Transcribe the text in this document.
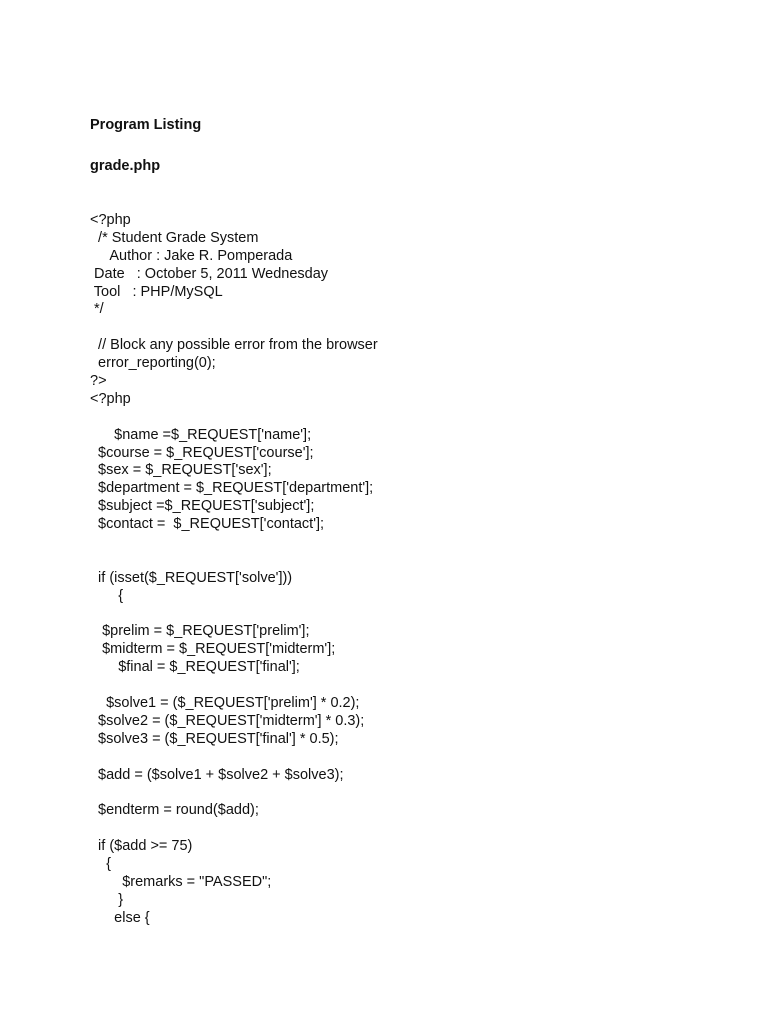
Program Listing
grade.php
<?php
/* Student Grade System
Author : Jake R. Pomperada
Date   : October 5, 2011 Wednesday
Tool   : PHP/MySQL
*/
// Block any possible error from the browser
error_reporting(0);
?>
<?php
$name =$_REQUEST['name'];
$course = $_REQUEST['course'];
$sex = $_REQUEST['sex'];
$department = $_REQUEST['department'];
$subject =$_REQUEST['subject'];
$contact =  $_REQUEST['contact'];
if (isset($_REQUEST['solve']))
{
$prelim = $_REQUEST['prelim'];
$midterm = $_REQUEST['midterm'];
$final = $_REQUEST['final'];
$solve1 = ($_REQUEST['prelim'] * 0.2);
$solve2 = ($_REQUEST['midterm'] * 0.3);
$solve3 = ($_REQUEST['final'] * 0.5);
$add = ($solve1 + $solve2 + $solve3);
$endterm = round($add);
if ($add >= 75)
{
$remarks = "PASSED";
}
else {
